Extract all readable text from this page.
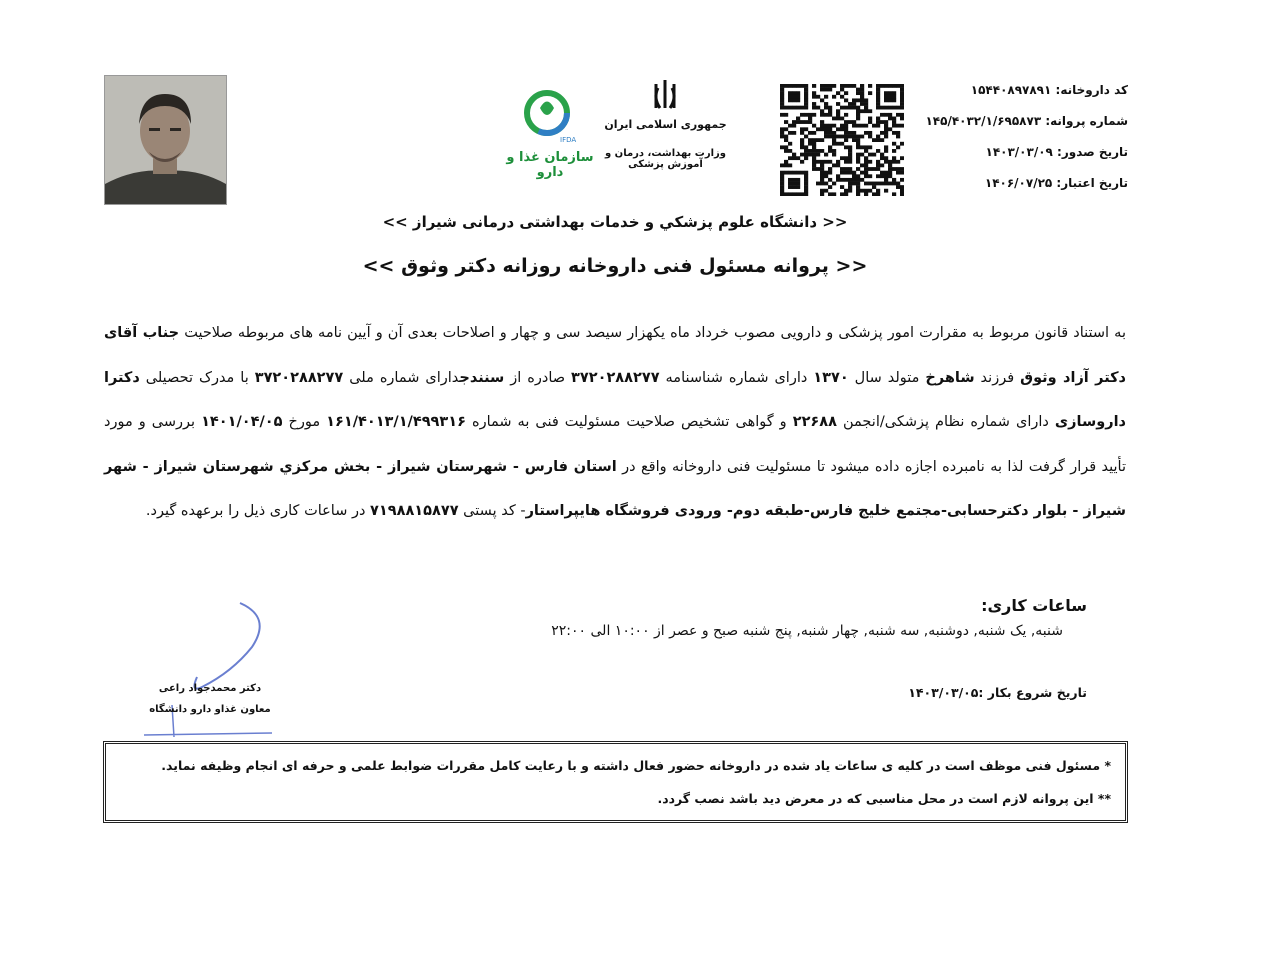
IFDA
سازمان غذا و دارو
جمهوری اسلامی ایران
وزارت بهداشت، درمان و آموزش پزشکی
کد داروخانه: ۱۵۴۴۰۸۹۷۸۹۱
شماره پروانه: ۱۴۵/۴۰۳۲/۱/۶۹۵۸۷۳
تاریخ صدور: ۱۴۰۳/۰۳/۰۹
تاریخ اعتبار: ۱۴۰۶/۰۷/۲۵
<< دانشگاه علوم پزشكي و خدمات بهداشتی درمانی شیراز >>
<< پروانه مسئول فنی داروخانه روزانه دکتر وثوق >>
به استناد قانون مربوط به مقرارت امور پزشکی و دارویی مصوب خرداد ماه یکهزار سیصد سی و چهار و اصلاحات بعدی آن و آیین نامه های مربوطه صلاحیت جناب آقای دکتر آزاد وثوق فرزند شاهرخ متولد سال ۱۳۷۰ دارای شماره شناسنامه ۳۷۲۰۲۸۸۲۷۷ صادره از سنندجدارای شماره ملی ۳۷۲۰۲۸۸۲۷۷ با مدرک تحصیلی دکترا داروسازی دارای شماره نظام پزشکی/انجمن ۲۲۶۸۸ و گواهی تشخیص صلاحیت مسئولیت فنی به شماره ۱۶۱/۴۰۱۳/۱/۴۹۹۳۱۶ مورخ ۱۴۰۱/۰۴/۰۵ بررسی و مورد تأیید قرار گرفت لذا به نامبرده اجازه داده میشود تا مسئولیت فنی داروخانه واقع در استان فارس - شهرستان شیراز - بخش مرکزي شهرستان شیراز - شهر شیراز - بلوار دکترحسابی-مجتمع خلیج فارس-طبقه دوم- ورودی فروشگاه هایپراستار- کد پستی ۷۱۹۸۸۱۵۸۷۷ در ساعات کاری ذیل را برعهده گیرد.
ساعات کاری:
شنبه, یک شنبه, دوشنبه, سه شنبه, چهار شنبه, پنج شنبه صبح و عصر از ۱۰:۰۰ الی ۲۲:۰۰
تاریخ شروع بکار :۱۴۰۳/۰۳/۰۵
دکتر محمدجواد راعی
معاون غذاو دارو دانشگاه
* مسئول فنی موظف است در کلیه ی ساعات یاد شده در داروخانه حضور فعال داشته و با رعایت کامل مقررات ضوابط علمی و حرفه ای انجام وظیفه نماید.
** این پروانه لازم است در محل مناسبی که در معرض دید باشد نصب گردد.
